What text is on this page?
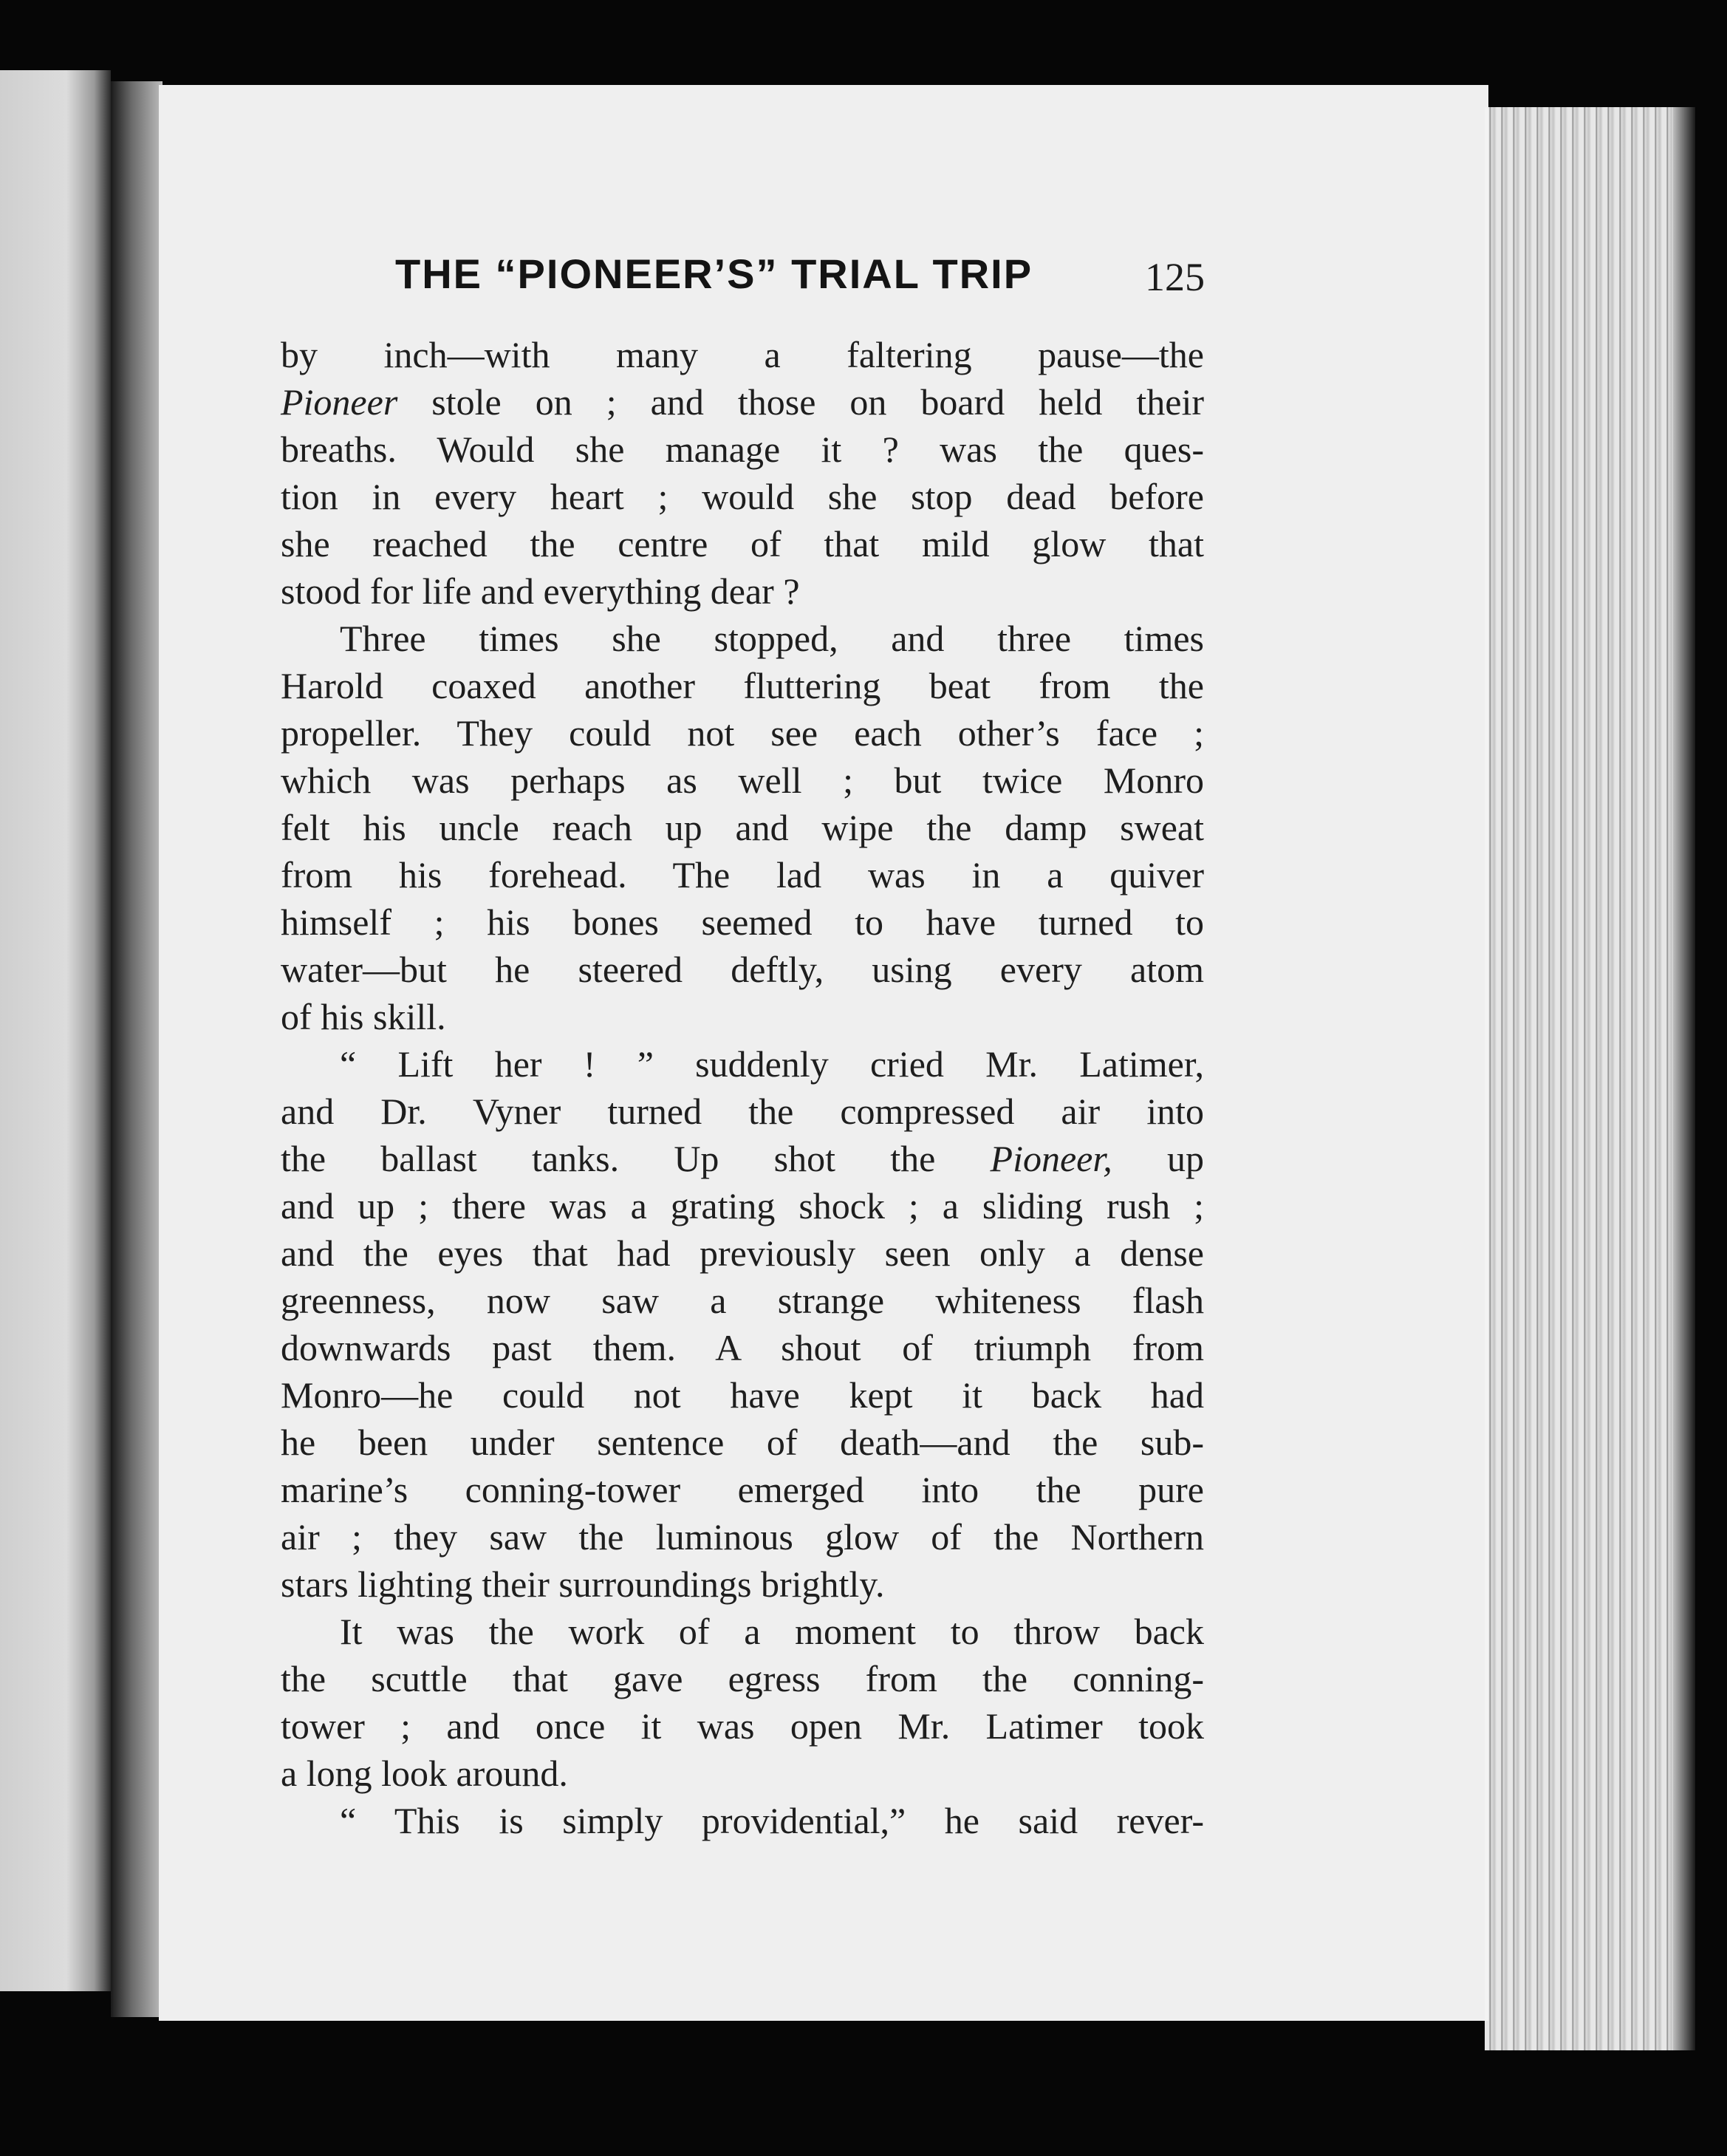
THE “PIONEER’S” TRIAL TRIP	125
by inch—with many a faltering pause—the
Pioneer stole on ; and those on board held their
breaths. Would she manage it ? was the ques-
tion in every heart ; would she stop dead before
she reached the centre of that mild glow that
stood for life and everything dear ?
Three times she stopped, and three times
Harold coaxed another fluttering beat from the
propeller. They could not see each other’s face ;
which was perhaps as well ; but twice Monro
felt his uncle reach up and wipe the damp sweat
from his forehead. The lad was in a quiver
himself ; his bones seemed to have turned to
water—but he steered deftly, using every atom
of his skill.
“ Lift her ! ” suddenly cried Mr. Latimer,
and Dr. Vyner turned the compressed air into
the ballast tanks. Up shot the Pioneer, up
and up ; there was a grating shock ; a sliding rush ;
and the eyes that had previously seen only a dense
greenness, now saw a strange whiteness flash
downwards past them. A shout of triumph from
Monro—he could not have kept it back had
he been under sentence of death—and the sub-
marine’s conning-tower emerged into the pure
air ; they saw the luminous glow of the Northern
stars lighting their surroundings brightly.
It was the work of a moment to throw back
the scuttle that gave egress from the conning-
tower ; and once it was open Mr. Latimer took
a long look around.
“ This is simply providential,” he said rever-
